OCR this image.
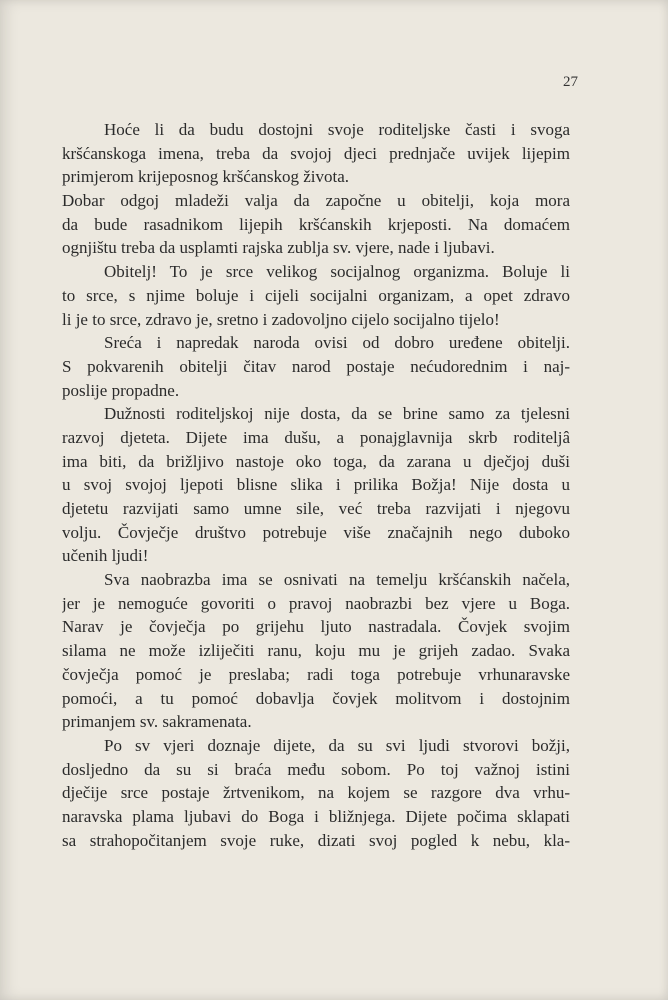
27
Hoće li da budu dostojni svoje roditeljske časti i svoga
kršćanskoga imena, treba da svojoj djeci prednjače uvijek lijepim
primjerom krijeposnog kršćanskog života.
Dobar odgoj mladeži valja da započne u obitelji, koja mora
da bude rasadnikom lijepih kršćanskih krjeposti. Na domaćem
ognjištu treba da usplamti rajska zublja sv. vjere, nade i ljubavi.
Obitelj! To je srce velikog socijalnog organizma. Boluje li
to srce, s njime boluje i cijeli socijalni organizam, a opet zdravo
li je to srce, zdravo je, sretno i zadovoljno cijelo socijalno tijelo!
Sreća i napredak naroda ovisi od dobro uređene obitelji.
S pokvarenih obitelji čitav narod postaje nećudorednim i naj-
poslije propadne.
Dužnosti roditeljskoj nije dosta, da se brine samo za tjelesni
razvoj djeteta. Dijete ima dušu, a ponajglavnija skrb roditeljâ
ima biti, da brižljivo nastoje oko toga, da zarana u dječjoj duši
u svoj svojoj ljepoti blisne slika i prilika Božja! Nije dosta u
djetetu razvijati samo umne sile, već treba razvijati i njegovu
volju. Čovječje društvo potrebuje više značajnih nego duboko
učenih ljudi!
Sva naobrazba ima se osnivati na temelju kršćanskih načela,
jer je nemoguće govoriti o pravoj naobrazbi bez vjere u Boga.
Narav je čovječja po grijehu ljuto nastradala. Čovjek svojim
silama ne može izliječiti ranu, koju mu je grijeh zadao. Svaka
čovječja pomoć je preslaba; radi toga potrebuje vrhunaravske
pomoći, a tu pomoć dobavlja čovjek molitvom i dostojnim
primanjem sv. sakramenata.
Po sv vjeri doznaje dijete, da su svi ljudi stvorovi božji,
dosljedno da su si braća među sobom. Po toj važnoj istini
dječije srce postaje žrtvenikom, na kojem se razgore dva vrhu-
naravska plama ljubavi do Boga i bližnjega. Dijete počima sklapati
sa strahopočitanjem svoje ruke, dizati svoj pogled k nebu, kla-
